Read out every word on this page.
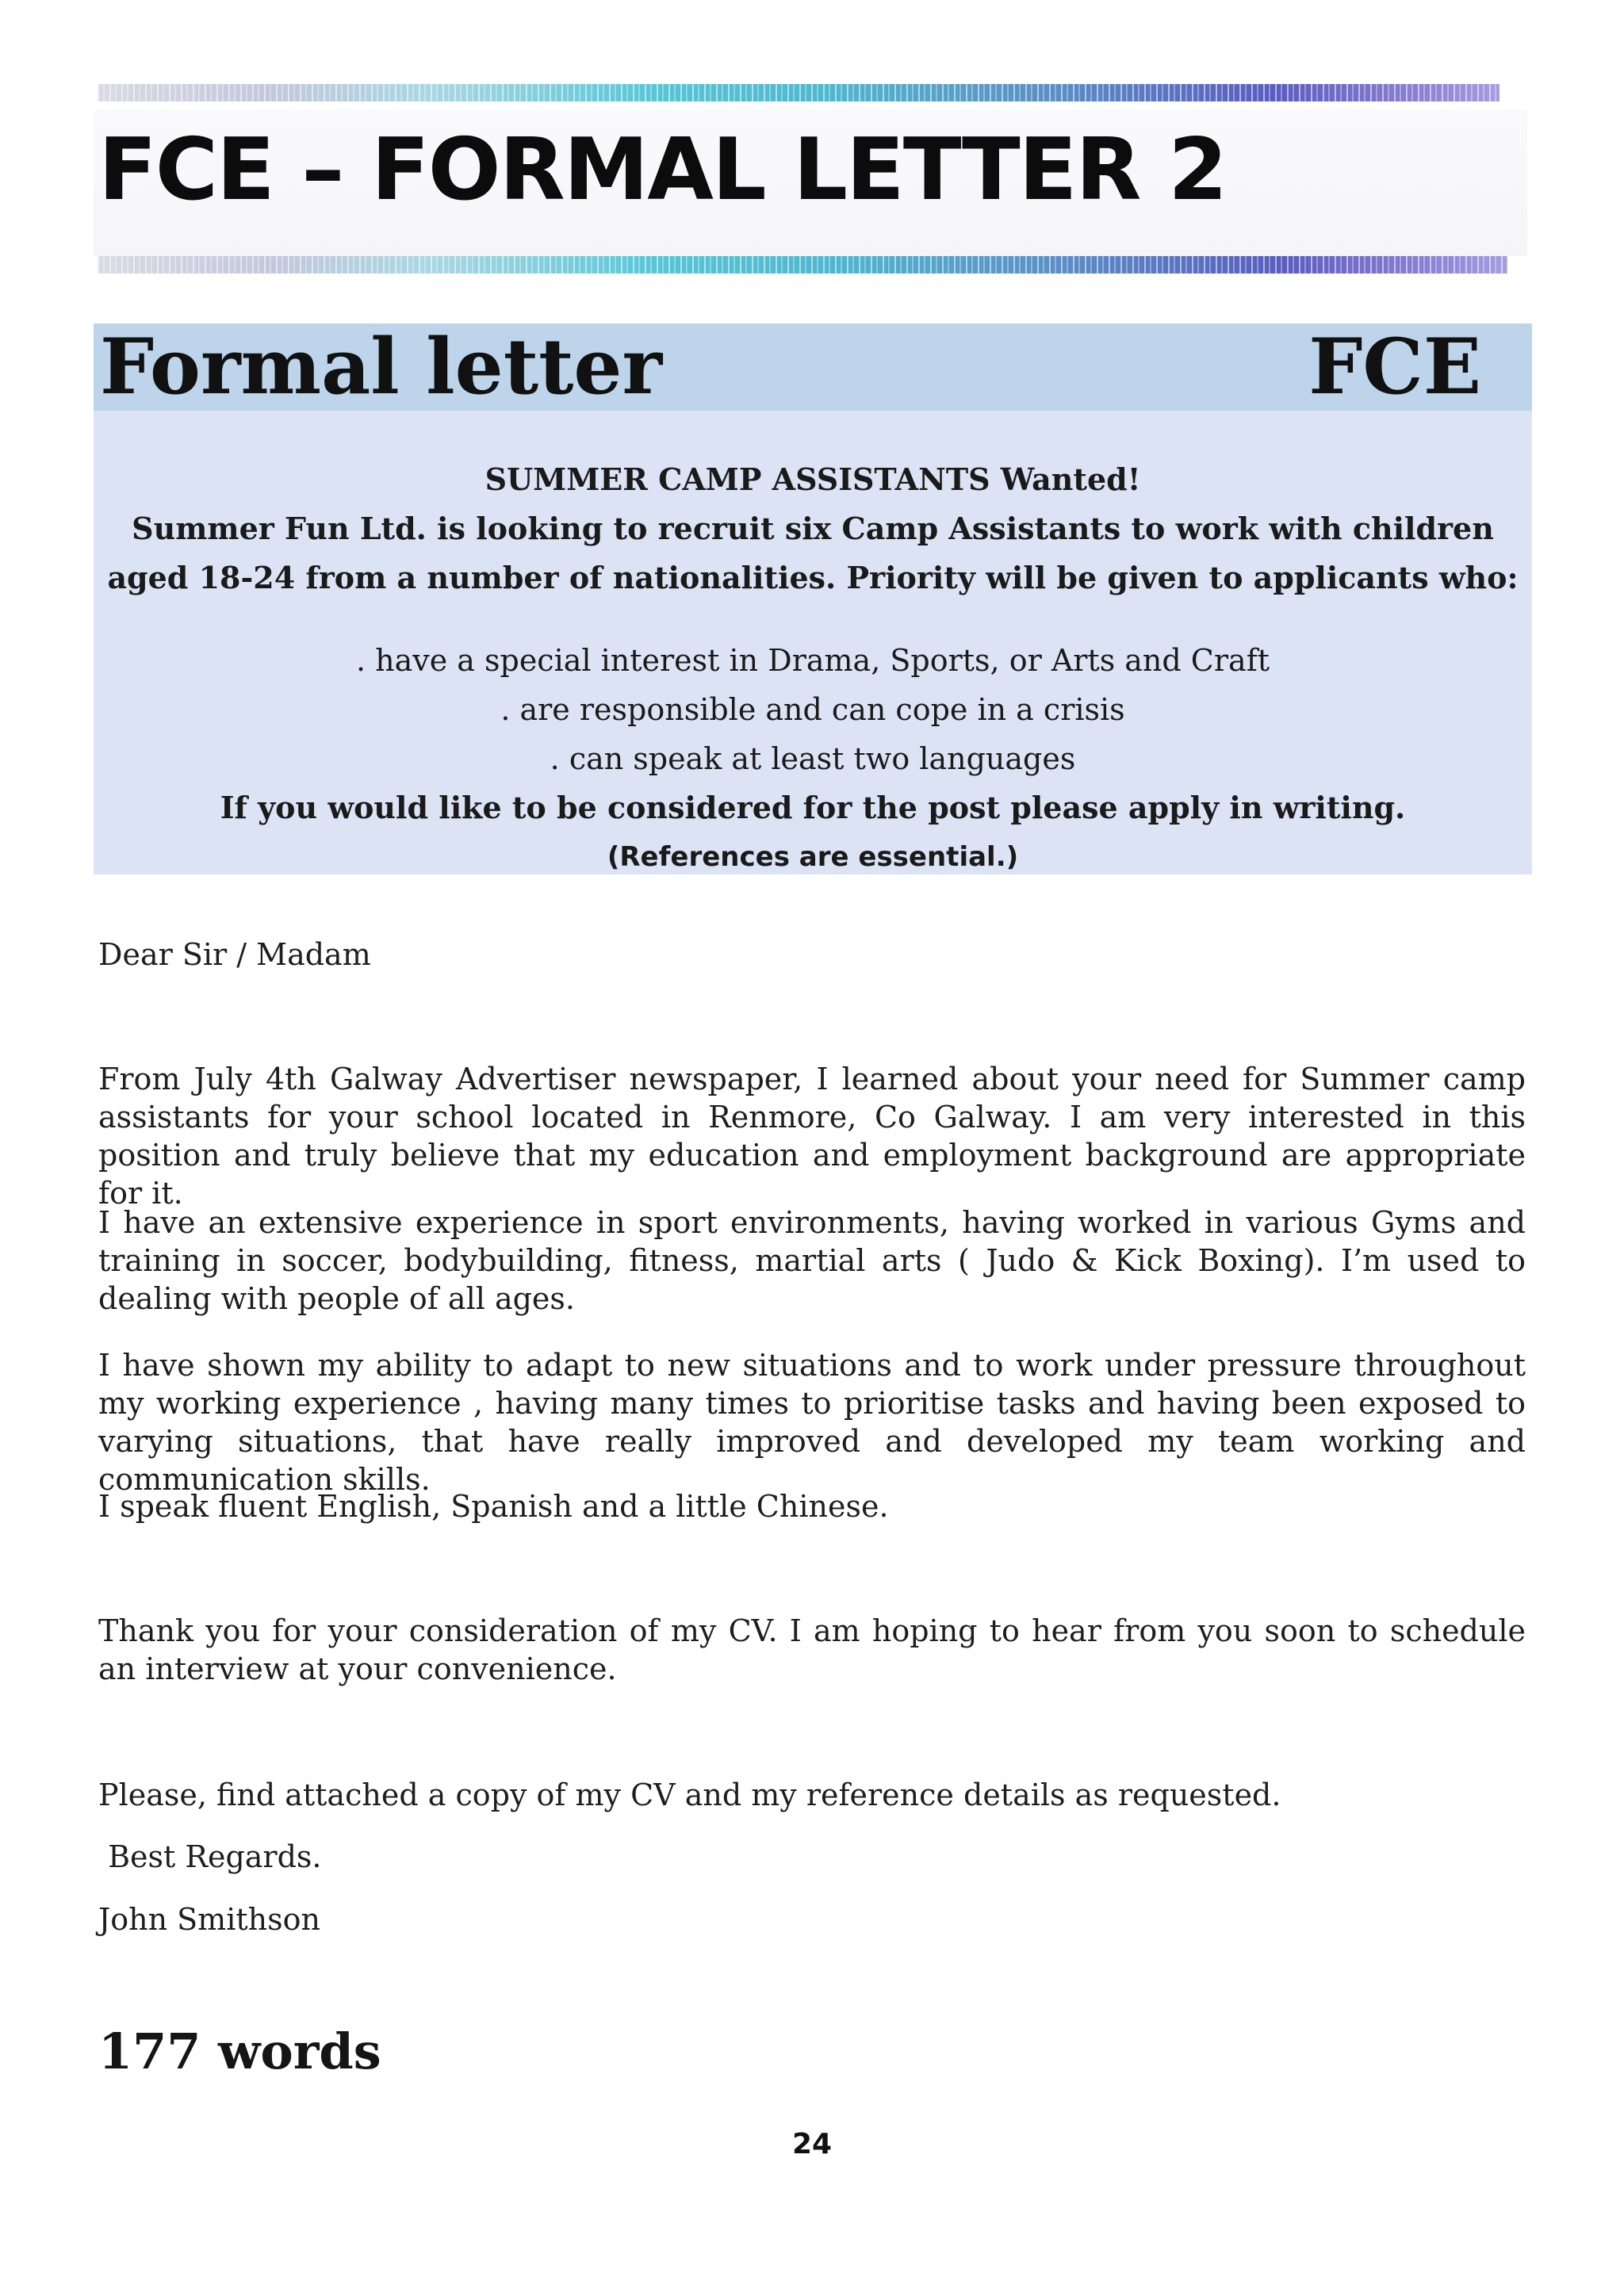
FCE – FORMAL LETTER 2
Formal letter	FCE

SUMMER CAMP ASSISTANTS Wanted!

Summer Fun Ltd. is looking to recruit six Camp Assistants to work with children

aged 18-24 from a number of nationalities. Priority will be given to applicants who:

. have a special interest in Drama, Sports, or Arts and Craft

. are responsible and can cope in a crisis

. can speak at least two languages

If you would like to be considered for the post please apply in writing.

(References are essential.)

Dear Sir / Madam

From July 4th Galway Advertiser newspaper, I learned about your need for Summer camp assistants for your school located in Renmore, Co Galway. I am very interested in this position and truly believe that my education and employment background are appropriate for it.

I have an extensive experience in sport environments, having worked in various Gyms and training in soccer, bodybuilding, fitness, martial arts ( Judo & Kick Boxing). I’m used to dealing with people of all ages.

I have shown my ability to adapt to new situations and to work under pressure throughout my working experience , having many times to prioritise tasks and having been exposed to varying situations, that have really improved and developed my team working and communication skills.

I speak fluent English, Spanish and a little Chinese.

Thank you for your consideration of my CV. I am hoping to hear from you soon to schedule an interview at your convenience.

Please, find attached a copy of my CV and my reference details as requested.

Best Regards.

John Smithson

177 words

24
